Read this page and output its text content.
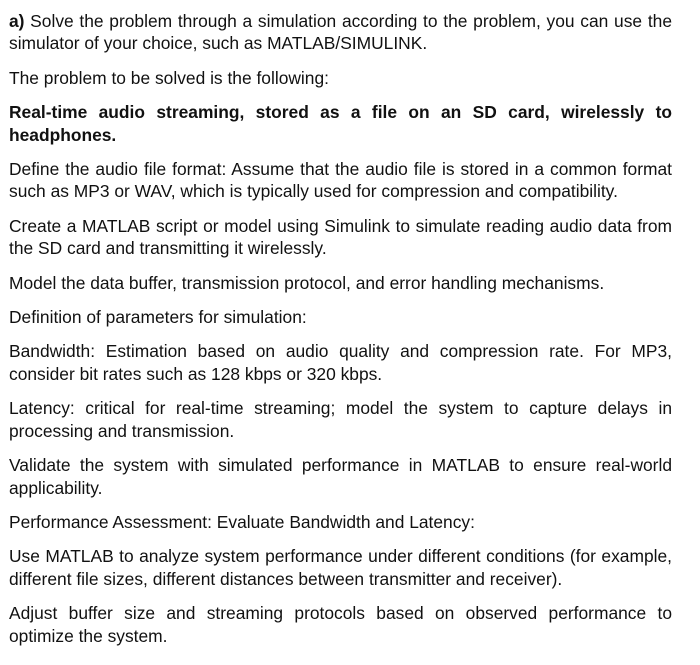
a) Solve the problem through a simulation according to the problem, you can use the simulator of your choice, such as MATLAB/SIMULINK.

The problem to be solved is the following:

Real-time audio streaming, stored as a file on an SD card, wirelessly to headphones.

Define the audio file format: Assume that the audio file is stored in a common format such as MP3 or WAV, which is typically used for compression and compatibility.

Create a MATLAB script or model using Simulink to simulate reading audio data from the SD card and transmitting it wirelessly.

Model the data buffer, transmission protocol, and error handling mechanisms.

Definition of parameters for simulation:

Bandwidth: Estimation based on audio quality and compression rate. For MP3, consider bit rates such as 128 kbps or 320 kbps.

Latency: critical for real-time streaming; model the system to capture delays in processing and transmission.

Validate the system with simulated performance in MATLAB to ensure real-world applicability.

Performance Assessment: Evaluate Bandwidth and Latency:

Use MATLAB to analyze system performance under different conditions (for example, different file sizes, different distances between transmitter and receiver).

Adjust buffer size and streaming protocols based on observed performance to optimize the system.
